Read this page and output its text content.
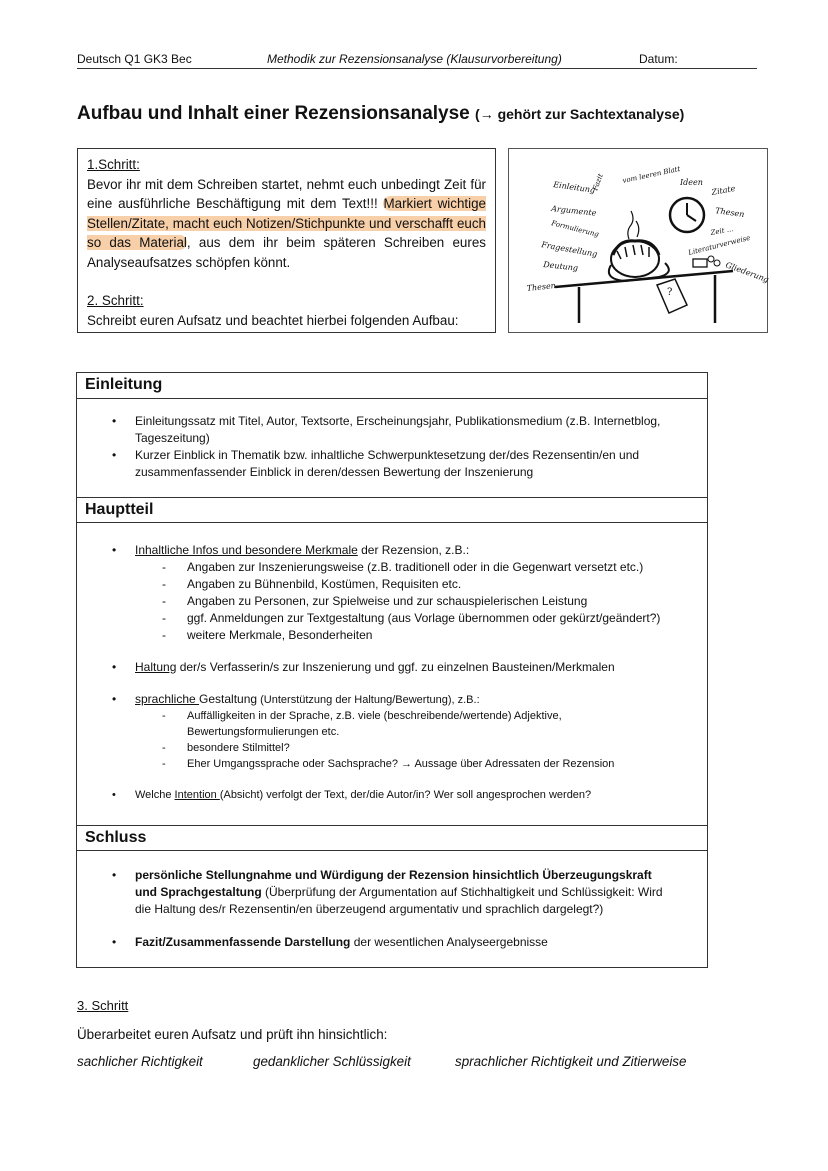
Deutsch Q1 GK3 Bec	Methodik zur Rezensionsanalyse (Klausurvorbereitung)	Datum:
Aufbau und Inhalt einer Rezensionsanalyse (→ gehört zur Sachtextanalyse)

1.Schritt:

Bevor ihr mit dem Schreiben startet, nehmt euch unbedingt Zeit für eine ausführliche Beschäftigung mit dem Text!!! Markiert wichtige Stellen/Zitate, macht euch Notizen/Stichpunkte und verschafft euch so das Material, aus dem ihr beim späteren Schreiben eures Analyseaufsatzes schöpfen könnt.

2. Schritt:

Schreibt euren Aufsatz und beachtet hierbei folgenden Aufbau:

Einleitung
Fazit vom leeren Blatt
Ideen
Zitate
Argumente	Thesen
Formulierung	Zeit ...
Fragestellung	Literaturverweise
Deutung	Gliederung
Thesen	?
Einleitung
• Einleitungssatz mit Titel, Autor, Textsorte, Erscheinungsjahr, Publikationsmedium (z.B. Internetblog, Tageszeitung)
• Kurzer Einblick in Thematik bzw. inhaltliche Schwerpunktesetzung der/des Rezensentin/en und zusammenfassender Einblick in deren/dessen Bewertung der Inszenierung
Hauptteil
• Inhaltliche Infos und besondere Merkmale der Rezension, z.B.:
- Angaben zur Inszenierungsweise (z.B. traditionell oder in die Gegenwart versetzt etc.)
- Angaben zu Bühnenbild, Kostümen, Requisiten etc.
- Angaben zu Personen, zur Spielweise und zur schauspielerischen Leistung
- ggf. Anmeldungen zur Textgestaltung (aus Vorlage übernommen oder gekürzt/geändert?)
- weitere Merkmale, Besonderheiten
• Haltung der/s Verfasserin/s zur Inszenierung und ggf. zu einzelnen Bausteinen/Merkmalen
• sprachliche Gestaltung (Unterstützung der Haltung/Bewertung), z.B.:
- Auffälligkeiten in der Sprache, z.B. viele (beschreibende/wertende) Adjektive, Bewertungsformulierungen etc.
- besondere Stilmittel?
- Eher Umgangssprache oder Sachsprache? → Aussage über Adressaten der Rezension
• Welche Intention (Absicht) verfolgt der Text, der/die Autor/in? Wer soll angesprochen werden?
Schluss
• persönliche Stellungnahme und Würdigung der Rezension hinsichtlich Überzeugungskraft und Sprachgestaltung (Überprüfung der Argumentation auf Stichhaltigkeit und Schlüssigkeit: Wird die Haltung des/r Rezensentin/en überzeugend argumentativ und sprachlich dargelegt?)
• Fazit/Zusammenfassende Darstellung der wesentlichen Analyseergebnisse
3. Schritt
Überarbeitet euren Aufsatz und prüft ihn hinsichtlich:
sachlicher Richtigkeit	gedanklicher Schlüssigkeit	sprachlicher Richtigkeit und Zitierweise
